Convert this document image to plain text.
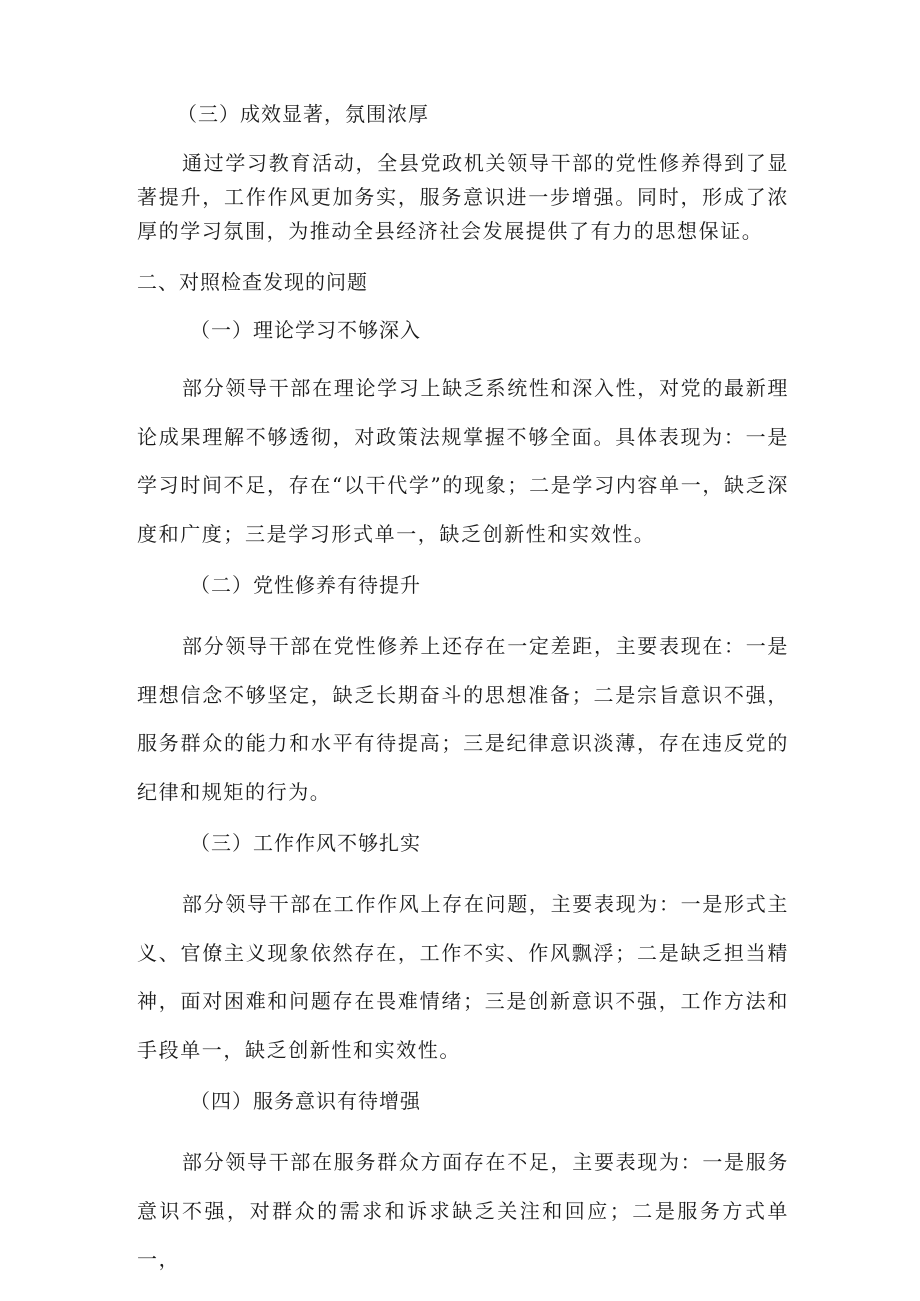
（三）成效显著，氛围浓厚

通过学习教育活动，全县党政机关领导干部的党性修养得到了显著提升，工作作风更加务实，服务意识进一步增强。同时，形成了浓厚的学习氛围，为推动全县经济社会发展提供了有力的思想保证。

二、对照检查发现的问题

（一）理论学习不够深入

部分领导干部在理论学习上缺乏系统性和深入性，对党的最新理论成果理解不够透彻，对政策法规掌握不够全面。具体表现为：一是学习时间不足，存在“以干代学”的现象；二是学习内容单一，缺乏深度和广度；三是学习形式单一，缺乏创新性和实效性。

（二）党性修养有待提升

部分领导干部在党性修养上还存在一定差距，主要表现在：一是理想信念不够坚定，缺乏长期奋斗的思想准备；二是宗旨意识不强，服务群众的能力和水平有待提高；三是纪律意识淡薄，存在违反党的纪律和规矩的行为。

（三）工作作风不够扎实

部分领导干部在工作作风上存在问题，主要表现为：一是形式主义、官僚主义现象依然存在，工作不实、作风飘浮；二是缺乏担当精神，面对困难和问题存在畏难情绪；三是创新意识不强，工作方法和手段单一，缺乏创新性和实效性。

（四）服务意识有待增强

部分领导干部在服务群众方面存在不足，主要表现为：一是服务意识不强，对群众的需求和诉求缺乏关注和回应；二是服务方式单一，
